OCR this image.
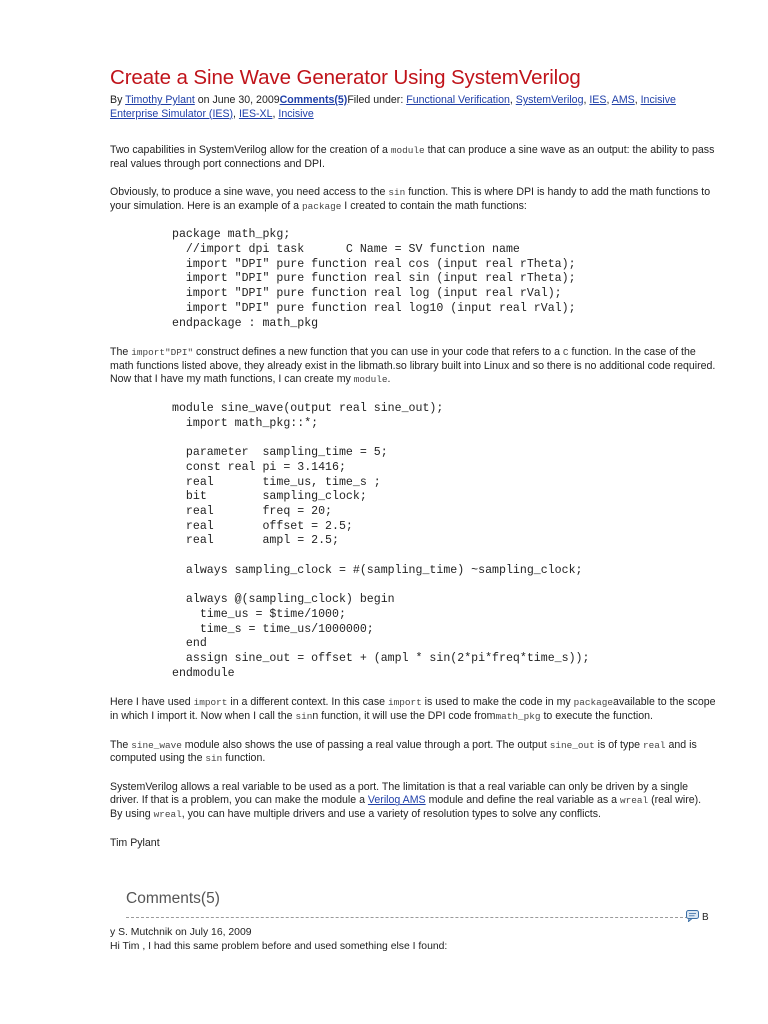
Create a Sine Wave Generator Using SystemVerilog
By Timothy Pylant on June 30, 2009Comments(5)Filed under: Functional Verification, SystemVerilog, IES, AMS, Incisive Enterprise Simulator (IES), IES-XL, Incisive

Two capabilities in SystemVerilog allow for the creation of a module that can produce a sine wave as an output: the ability to pass real values through port connections and DPI.

Obviously, to produce a sine wave, you need access to the sin function. This is where DPI is handy to add the math functions to your simulation. Here is an example of a package I created to contain the math functions:

package math_pkg;
//import dpi task      C Name = SV function name
import "DPI" pure function real cos (input real rTheta);
import "DPI" pure function real sin (input real rTheta);
import "DPI" pure function real log (input real rVal);
import "DPI" pure function real log10 (input real rVal);
endpackage : math_pkg

The import"DPI" construct defines a new function that you can use in your code that refers to a C function. In the case of the math functions listed above, they already exist in the libmath.so library built into Linux and so there is no additional code required. Now that I have my math functions, I can create my module.

module sine_wave(output real sine_out);
import math_pkg::*;

parameter  sampling_time = 5;
const real pi = 3.1416;
real       time_us, time_s ;
bit        sampling_clock;
real       freq = 20;
real       offset = 2.5;
real       ampl = 2.5;

always sampling_clock = #(sampling_time) ~sampling_clock;

always @(sampling_clock) begin
time_us = $time/1000;
time_s = time_us/1000000;
end
assign sine_out = offset + (ampl * sin(2*pi*freq*time_s));
endmodule

Here I have used import in a different context. In this case import is used to make the code in my packageavailable to the scope in which I import it. Now when I call the sinn function, it will use the DPI code frommath_pkg to execute the function.

The sine_wave module also shows the use of passing a real value through a port. The output sine_out is of type real and is computed using the sin function.

SystemVerilog allows a real variable to be used as a port. The limitation is that a real variable can only be driven by a single driver. If that is a problem, you can make the module a Verilog AMS module and define the real variable as a wreal (real wire). By using wreal, you can have multiple drivers and use a variety of resolution types to solve any conflicts.

Tim Pylant

Comments(5)
B
y S. Mutchnik on July 16, 2009
Hi Tim , I had this same problem before and used something else I found:
